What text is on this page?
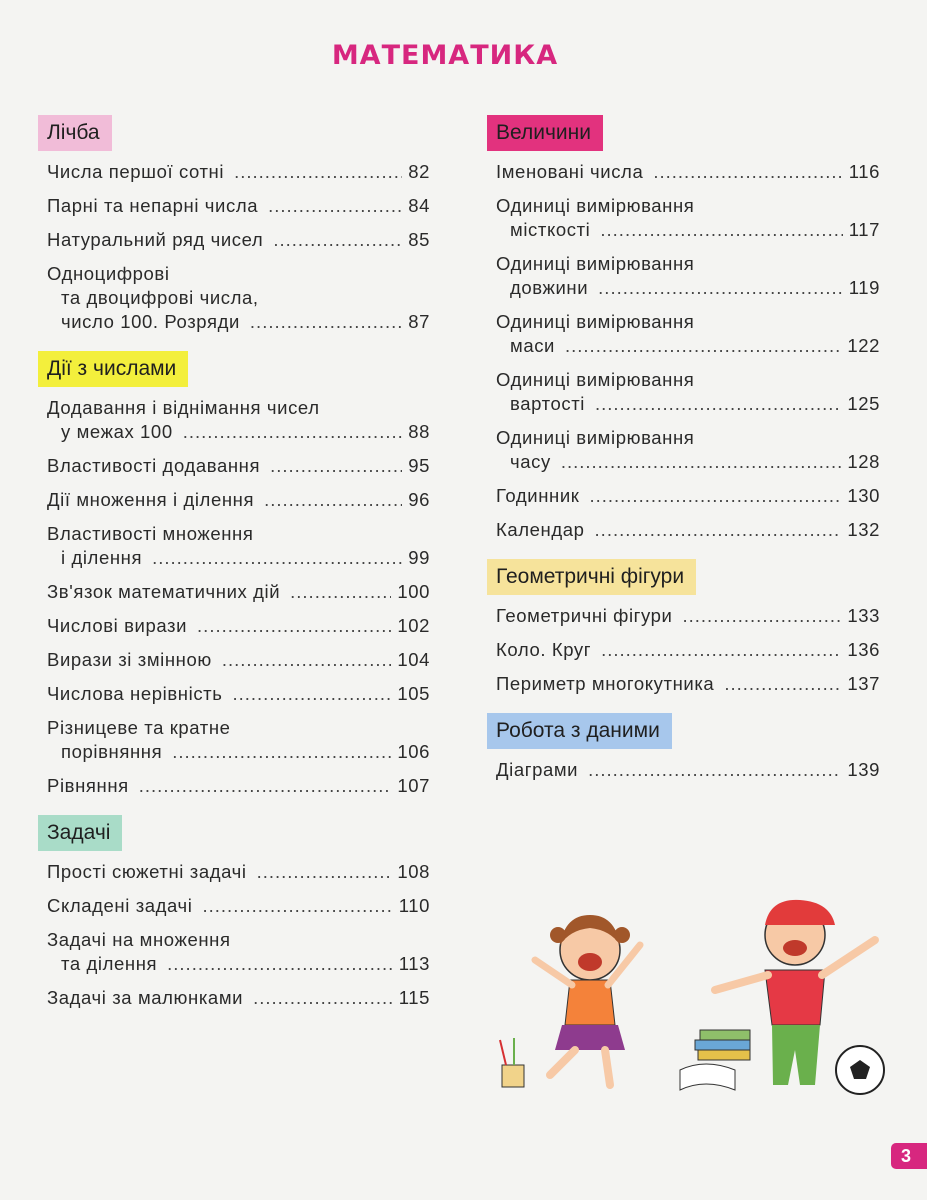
МАТЕМАТИКА
Лічба
Числа першої сотні .....	82
Парні та непарні числа .....	84
Натуральний ряд чисел .....	85
Одноцифрові
та двоцифрові числа,
число 100. Розряди .....	87
Дії з числами
Додавання і віднімання чисел
у межах 100 .....	88
Властивості додавання .....	95
Дії множення і ділення .....	96
Властивості множення
і ділення .....	99
Зв'язок математичних дій .....	100
Числові вирази .....	102
Вирази зі змінною .....	104
Числова нерівність .....	105
Різницеве та кратне
порівняння .....	106
Рівняння .....	107
Задачі
Прості сюжетні задачі .....	108
Складені задачі .....	110
Задачі на множення
та ділення .....	113
Задачі за малюнками .....	115
Величини
Іменовані числа .....	116
Одиниці вимірювання
місткості .....	117
Одиниці вимірювання
довжини .....	119
Одиниці вимірювання
маси .....	122
Одиниці вимірювання
вартості .....	125
Одиниці вимірювання
часу .....	128
Годинник .....	130
Календар .....	132
Геометричні фігури
Геометричні фігури .....	133
Коло. Круг .....	136
Периметр многокутника .....	137
Робота з даними
Діаграми .....	139
3
